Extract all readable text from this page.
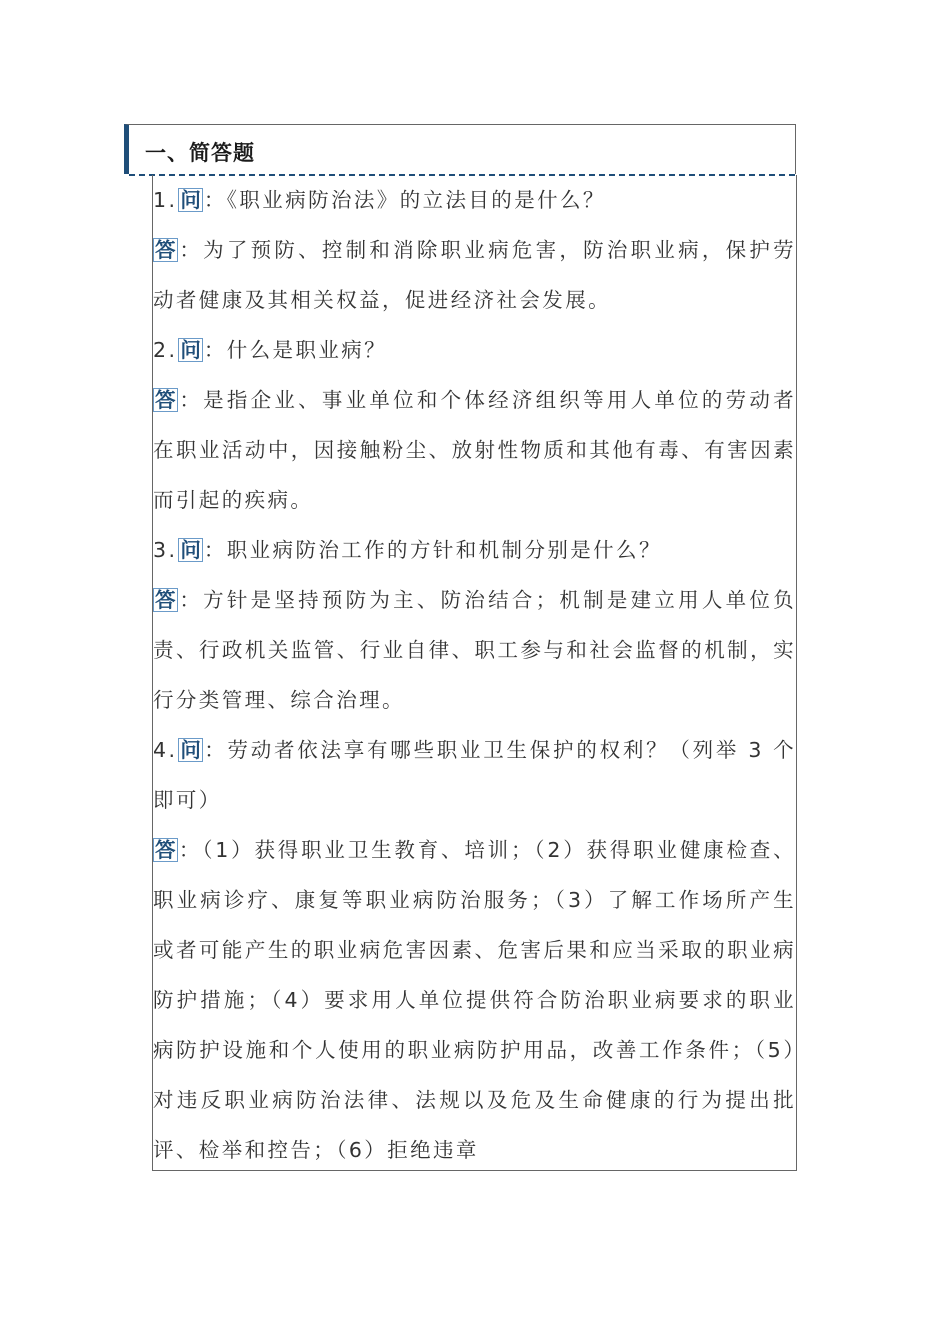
一、简答题

1. 问 ：《职业病防治法》的立法目的是什么？

答 ：为了预防、控制和消除职业病危害，防治职业病，保护劳动者健康及其相关权益，促进经济社会发展。

2. 问 ：什么是职业病？

答 ：是指企业、事业单位和个体经济组织等用人单位的劳动者在职业活动中，因接触粉尘、放射性物质和其他有毒、有害因素而引起的疾病。

3. 问 ：职业病防治工作的方针和机制分别是什么？

答 ：方针是坚持预防为主、防治结合；机制是建立用人单位负责、行政机关监管、行业自律、职工参与和社会监督的机制，实行分类管理、综合治理。

4. 问 ：劳动者依法享有哪些职业卫生保护的权利？（列举 3 个即可）

答 ：（1）获得职业卫生教育、培训；（2）获得职业健康检查、职业病诊疗、康复等职业病防治服务；（3）了解工作场所产生或者可能产生的职业病危害因素、危害后果和应当采取的职业病防护措施；（4）要求用人单位提供符合防治职业病要求的职业病防护设施和个人使用的职业病防护用品，改善工作条件；（5）对违反职业病防治法律、法规以及危及生命健康的行为提出批评、检举和控告；（6）拒绝违章
